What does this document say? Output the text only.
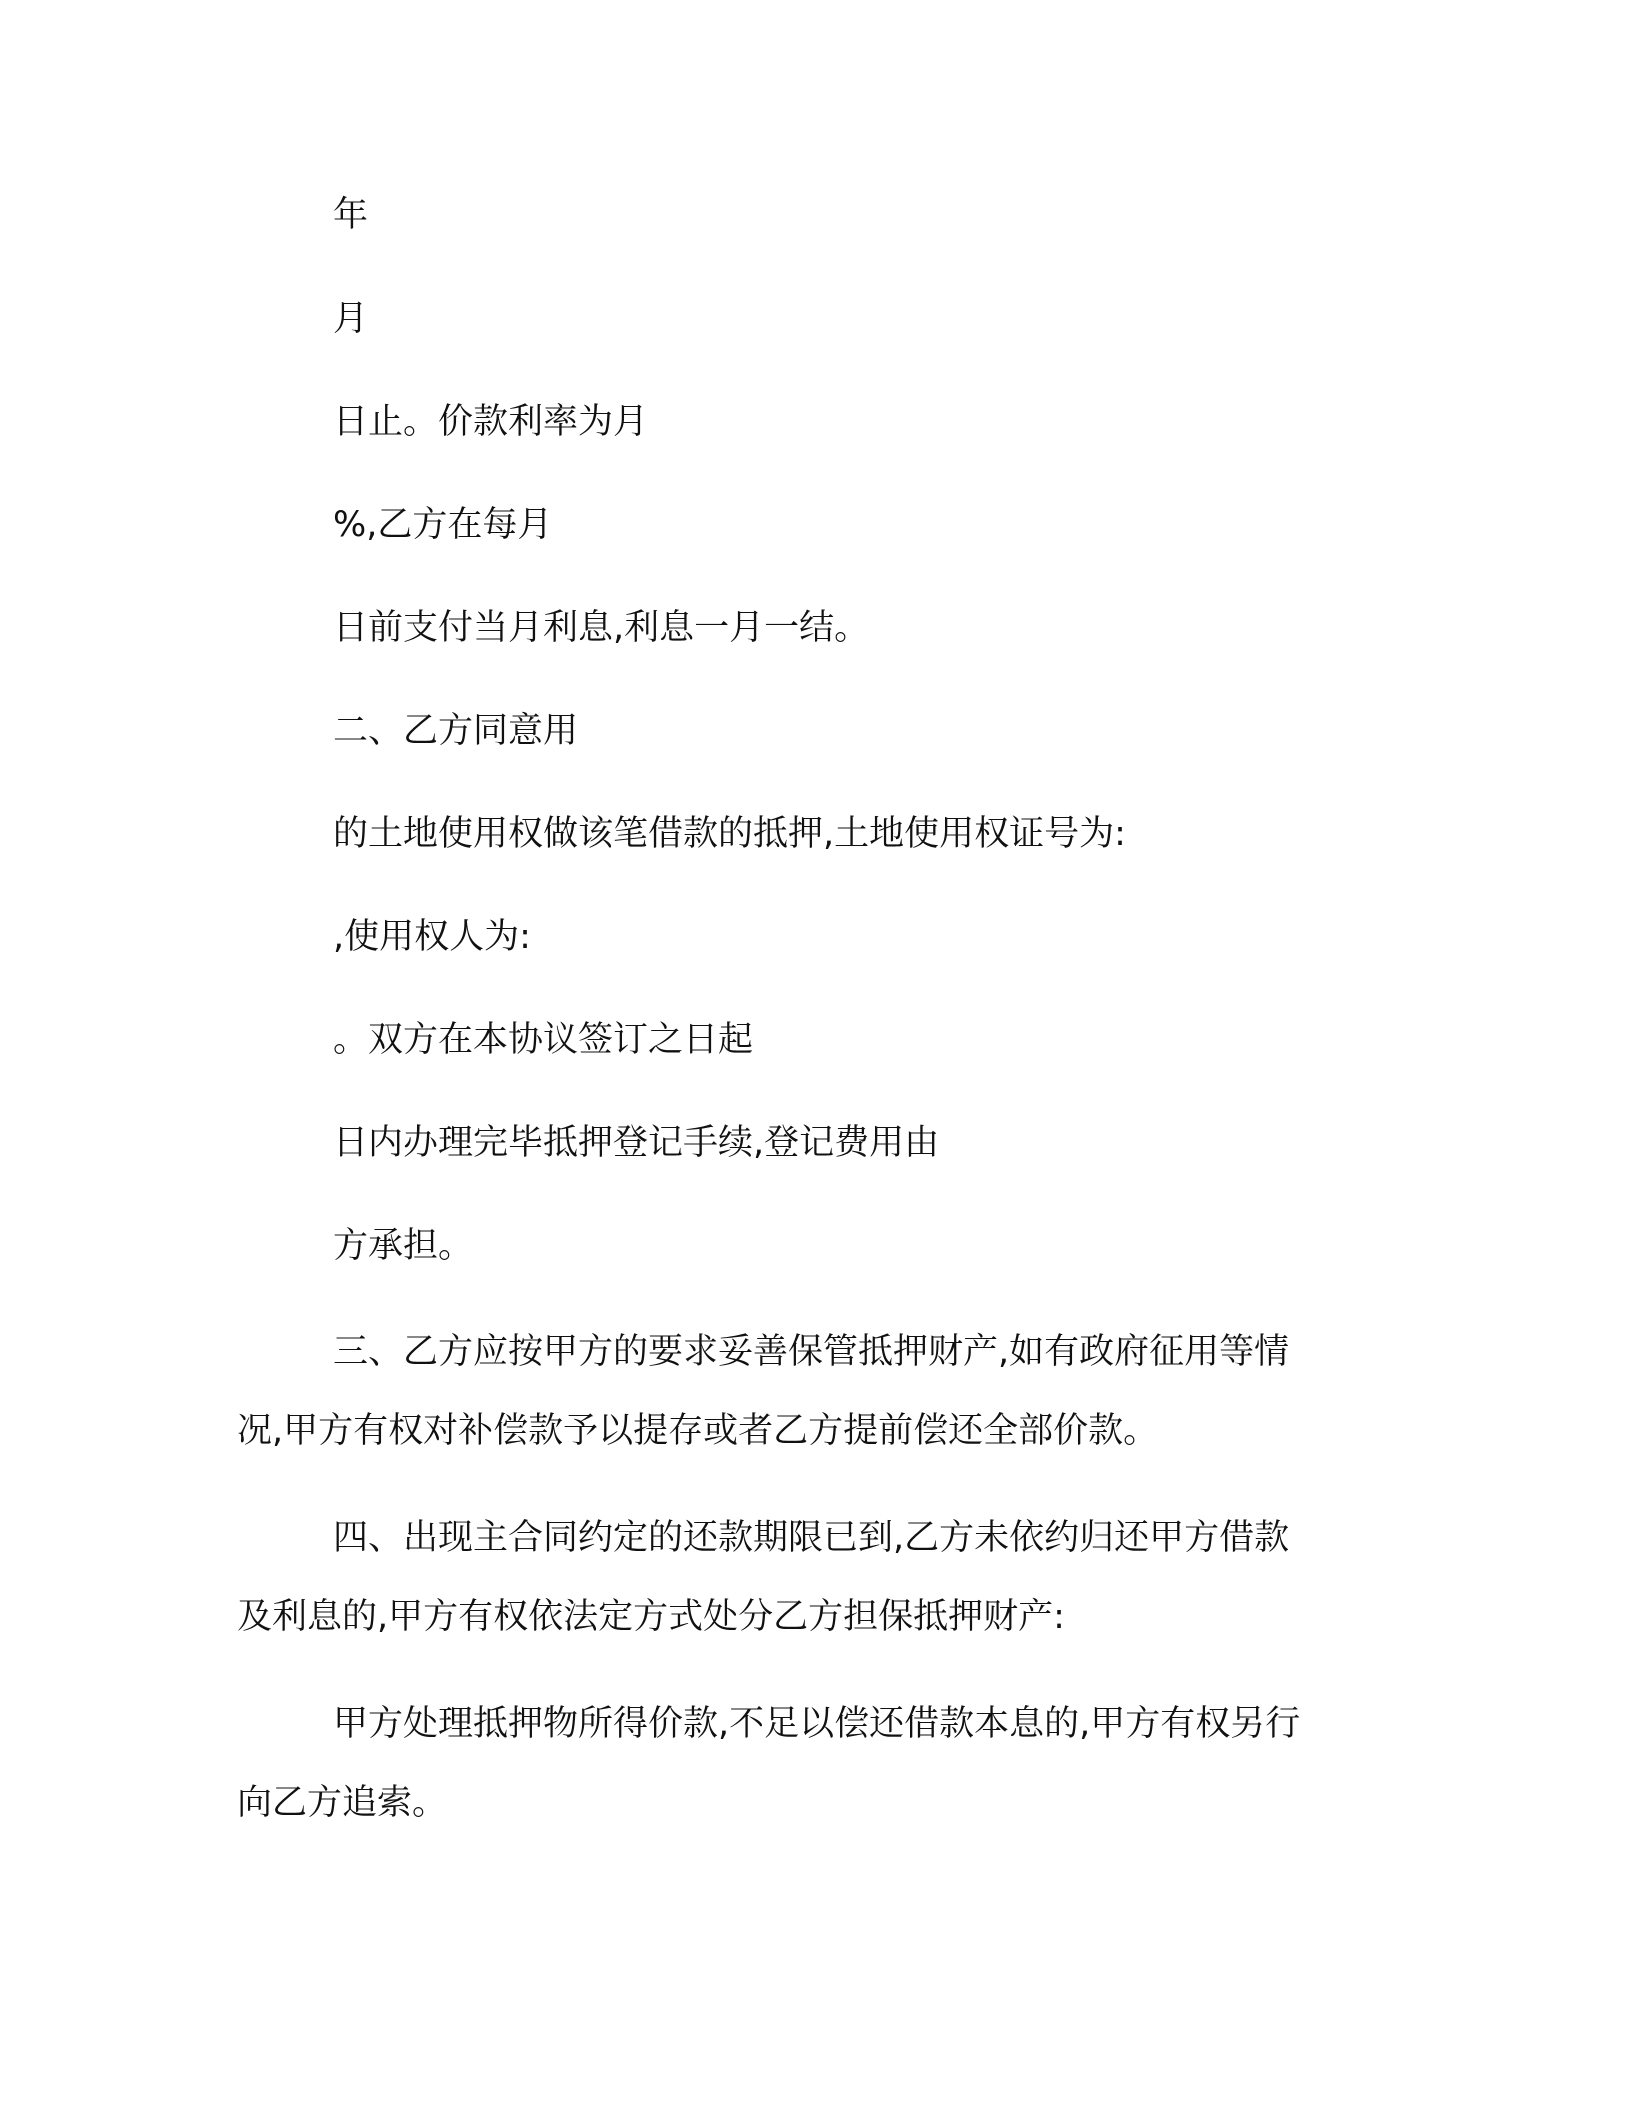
年

月

日止。价款利率为月

%,乙方在每月

日前支付当月利息,利息一月一结。

二、乙方同意用

的土地使用权做该笔借款的抵押,土地使用权证号为:

,使用权人为:

。双方在本协议签订之日起

日内办理完毕抵押登记手续,登记费用由

方承担。

三、乙方应按甲方的要求妥善保管抵押财产,如有政府征用等情
况,甲方有权对补偿款予以提存或者乙方提前偿还全部价款。
四、出现主合同约定的还款期限已到,乙方未依约归还甲方借款
及利息的,甲方有权依法定方式处分乙方担保抵押财产:
甲方处理抵押物所得价款,不足以偿还借款本息的,甲方有权另行
向乙方追索。
